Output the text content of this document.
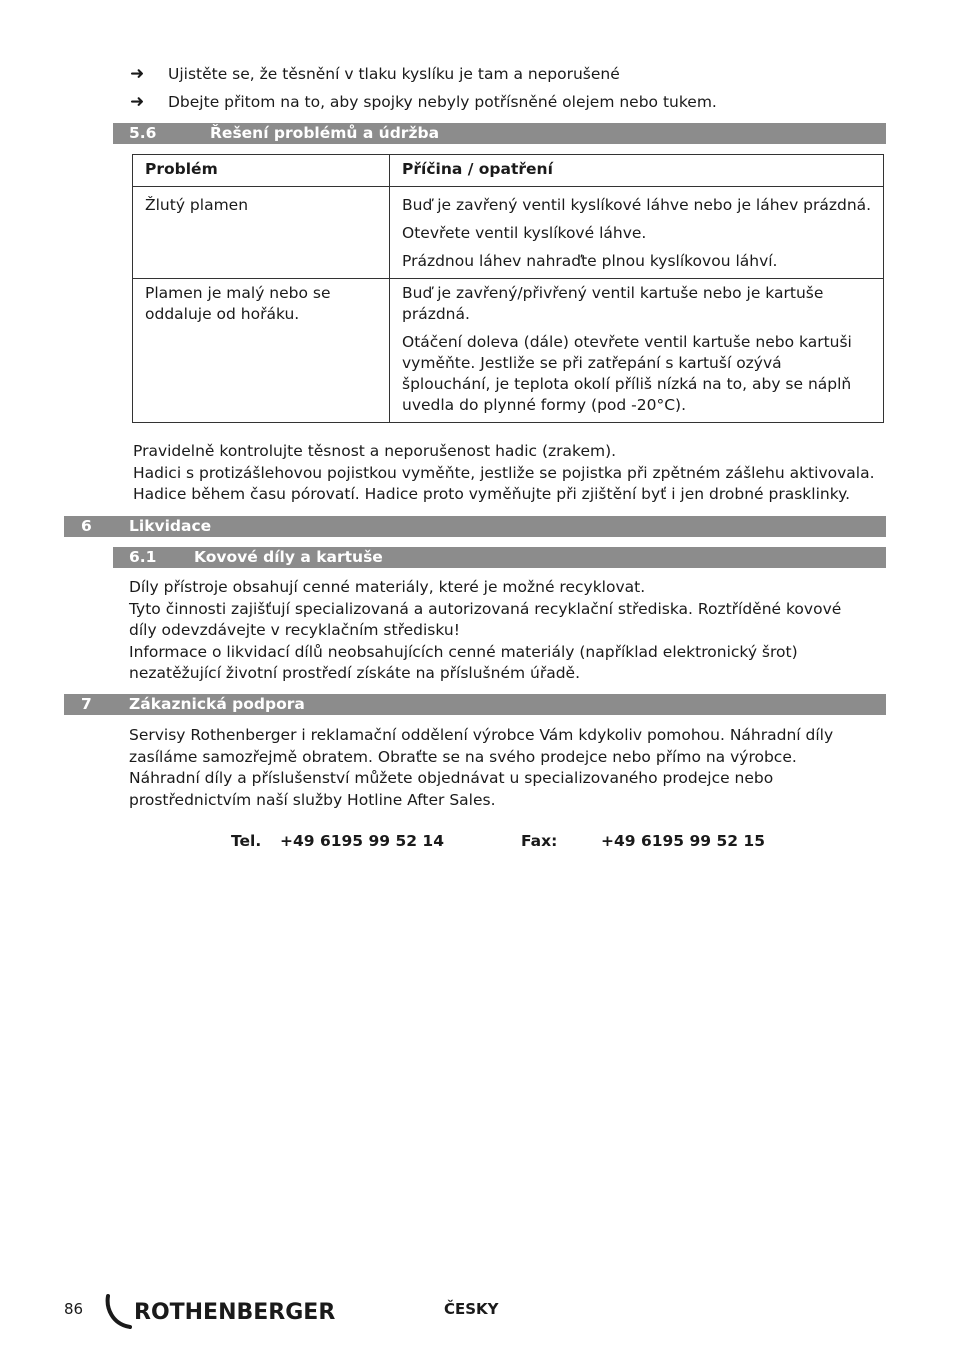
➜	Ujistěte se, že těsnění v tlaku kyslíku je tam a neporušené
➜	Dbejte přitom na to, aby spojky nebyly potřísněné olejem nebo tukem.
5.6	Řešení problémů a údržba
Problém	Příčina / opatření
Žlutý plamen	Buď je zavřený ventil kyslíkové láhve nebo je láhev prázdná.

Otevřete ventil kyslíkové láhve.

Prázdnou láhev nahraďte plnou kyslíkovou láhví.

Plamen je malý nebo se oddaluje od hořáku.	Buď je zavřený/přivřený ventil kartuše nebo je kartuše prázdná.

Otáčení doleva (dále) otevřete ventil kartuše nebo kartuši vyměňte. Jestliže se při zatřepání s kartuší ozývá šplouchání, je teplota okolí příliš nízká na to, aby se náplň uvedla do plynné formy (pod -20°C).

Pravidelně kontrolujte těsnost a neporušenost hadic (zrakem).
Hadici s protizášlehovou pojistkou vyměňte, jestliže se pojistka při zpětném zášlehu aktivovala.
Hadice během času pórovatí. Hadice proto vyměňujte při zjištění byť i jen drobné prasklinky.
6	Likvidace
6.1	Kovové díly a kartuše
Díly přístroje obsahují cenné materiály, které je možné recyklovat.
Tyto činnosti zajišťují specializovaná a autorizovaná recyklační střediska. Roztříděné kovové
díly odevzdávejte v recyklačním středisku!
Informace o likvidací dílů neobsahujících cenné materiály (například elektronický šrot)
nezatěžující životní prostředí získáte na příslušném úřadě.
7	Zákaznická podpora
Servisy Rothenberger i reklamační oddělení výrobce Vám kdykoliv pomohou. Náhradní díly
zasíláme samozřejmě obratem. Obraťte se na svého prodejce nebo přímo na výrobce.
Náhradní díly a příslušenství můžete objednávat u specializovaného prodejce nebo
prostřednictvím naší služby Hotline After Sales.
Tel. +49 6195 99 52 14	Fax:	+49 6195 99 52 15
86 ROTHENBERGER	ČESKY
